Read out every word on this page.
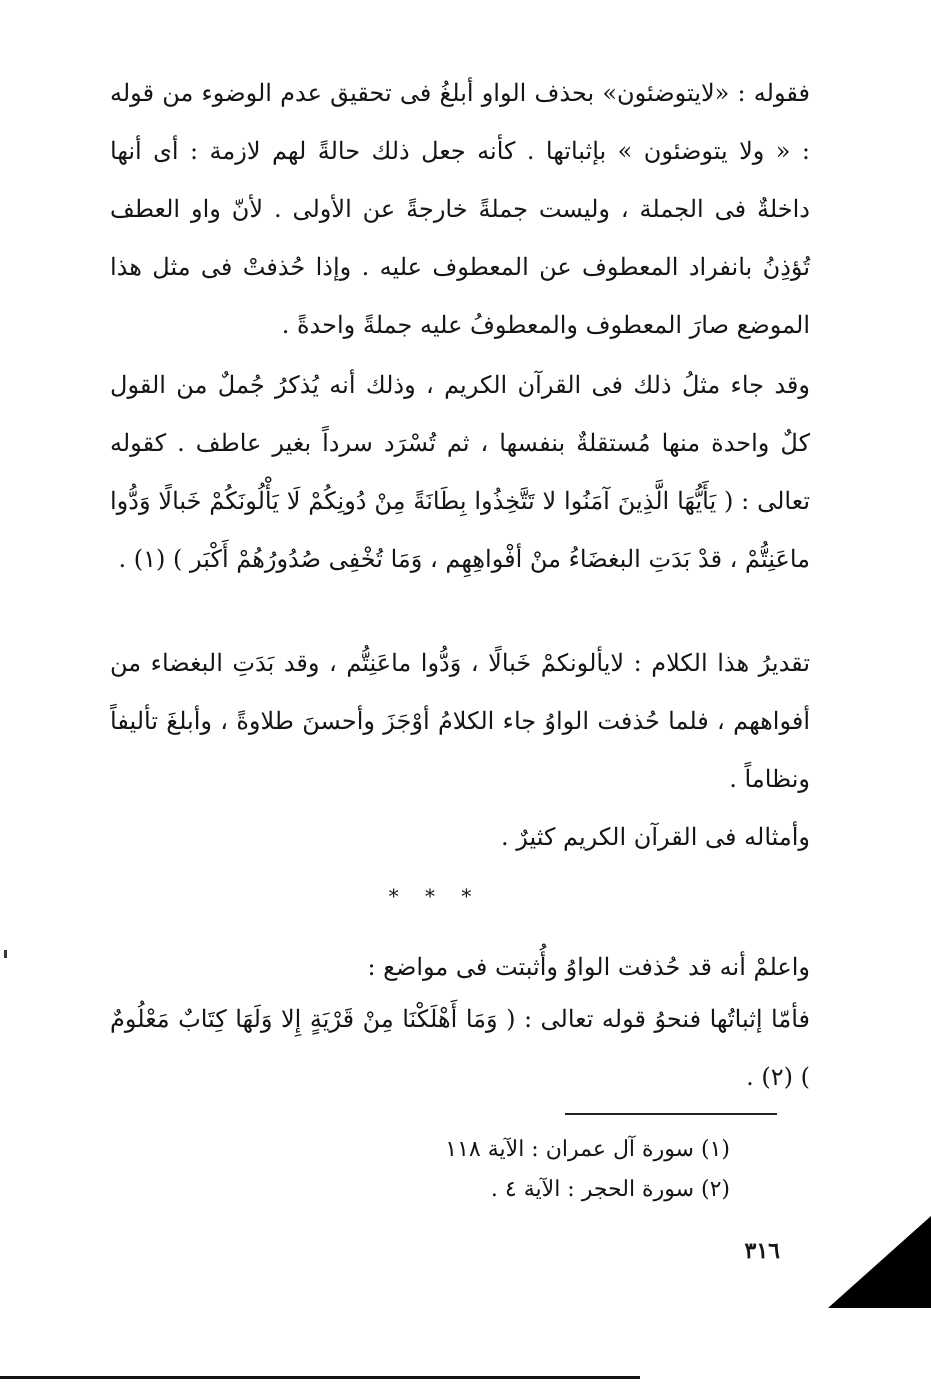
فقوله : «لايتوضئون» بحذف الواو أبلغُ فى تحقيق عدم الوضوء من قوله : « ولا يتوضئون » بإثباتها . كأنه جعل ذلك حالةً لهم لازمة : أى أنها داخلةٌ فى الجملة ، وليست جملةً خارجةً عن الأولى . لأنّ واو العطف تُؤذِنُ بانفراد المعطوف عن المعطوف عليه . وإذا حُذفتْ فى مثل هذا الموضع صارَ المعطوف والمعطوفُ عليه جملةً واحدةً .

وقد جاء مثلُ ذلك فى القرآن الكريم ، وذلك أنه يُذكرُ جُملٌ من القول كلٌ واحدة منها مُستقلةٌ بنفسها ، ثم تُسْرَد سرداً بغير عاطف . كقوله تعالى : ( يَأَيُّهَا الَّذِينَ آمَنُوا لا تَتَّخِذُوا بِطَانَةً مِنْ دُونِكُمْ لَا يَأْلُونَكُمْ خَبالًا وَدُّوا ماعَنِتُّمْ ، قدْ بَدَتِ البغضَاءُ منْ أفْواهِهِم ، وَمَا تُخْفِى صُدُورُهُمْ أَكْبَر ) (١) .

تقديرُ هذا الكلام : لايألونكمْ خَبالًا ، وَدُّوا ماعَنِتُّم ، وقد بَدَتِ البغضاء من أفواههم ، فلما حُذفت الواوُ جاء الكلامُ أوْجَزَ وأحسنَ طلاوةً ، وأبلغَ تأليفاً ونظاماً .

وأمثاله فى القرآن الكريم كثيرٌ .

* * *

واعلمْ أنه قد حُذفت الواوُ وأُثبتت فى مواضع :

فأمّا إثباتُها فنحوُ قوله تعالى : ( وَمَا أَهْلَكْنَا مِنْ قَرْيَةٍ إِلا وَلَهَا كِتَابٌ مَعْلُومٌ ) (٢) .

(١) سورة آل عمران : الآية ١١٨
(٢) سورة الحجر : الآية ٤ .
٣١٦
